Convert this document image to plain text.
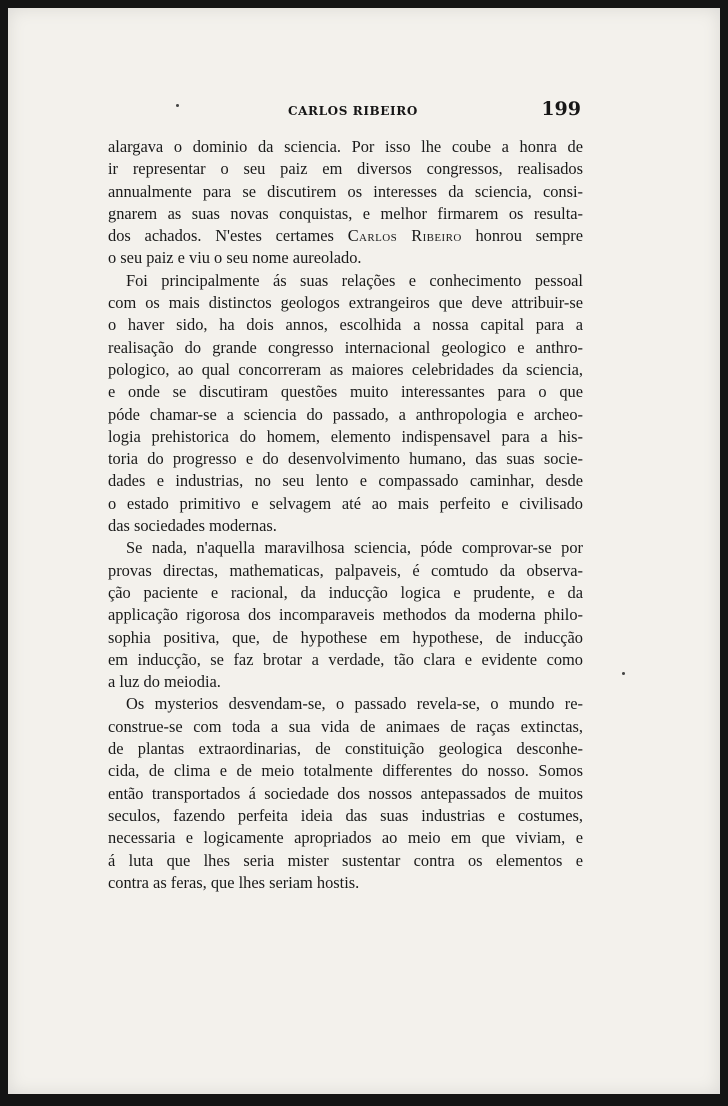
CARLOS RIBEIRO	199
alargava o dominio da sciencia. Por isso lhe coube a honra de
ir representar o seu paiz em diversos congressos, realisados
annualmente para se discutirem os interesses da sciencia, consi-
gnarem as suas novas conquistas, e melhor firmarem os resulta-
dos achados. N'estes certames Carlos Ribeiro honrou sempre
o seu paiz e viu o seu nome aureolado.
Foi principalmente ás suas relações e conhecimento pessoal
com os mais distinctos geologos extrangeiros que deve attribuir-se
o haver sido, ha dois annos, escolhida a nossa capital para a
realisação do grande congresso internacional geologico e anthro-
pologico, ao qual concorreram as maiores celebridades da sciencia,
e onde se discutiram questões muito interessantes para o que
póde chamar-se a sciencia do passado, a anthropologia e archeo-
logia prehistorica do homem, elemento indispensavel para a his-
toria do progresso e do desenvolvimento humano, das suas socie-
dades e industrias, no seu lento e compassado caminhar, desde
o estado primitivo e selvagem até ao mais perfeito e civilisado
das sociedades modernas.
Se nada, n'aquella maravilhosa sciencia, póde comprovar-se por
provas directas, mathematicas, palpaveis, é comtudo da observa-
ção paciente e racional, da inducção logica e prudente, e da
applicação rigorosa dos incomparaveis methodos da moderna philo-
sophia positiva, que, de hypothese em hypothese, de inducção
em inducção, se faz brotar a verdade, tão clara e evidente como
a luz do meiodia.
Os mysterios desvendam-se, o passado revela-se, o mundo re-
construe-se com toda a sua vida de animaes de raças extinctas,
de plantas extraordinarias, de constituição geologica desconhe-
cida, de clima e de meio totalmente differentes do nosso. Somos
então transportados á sociedade dos nossos antepassados de muitos
seculos, fazendo perfeita ideia das suas industrias e costumes,
necessaria e logicamente apropriados ao meio em que viviam, e
á luta que lhes seria mister sustentar contra os elementos e
contra as feras, que lhes seriam hostis.
